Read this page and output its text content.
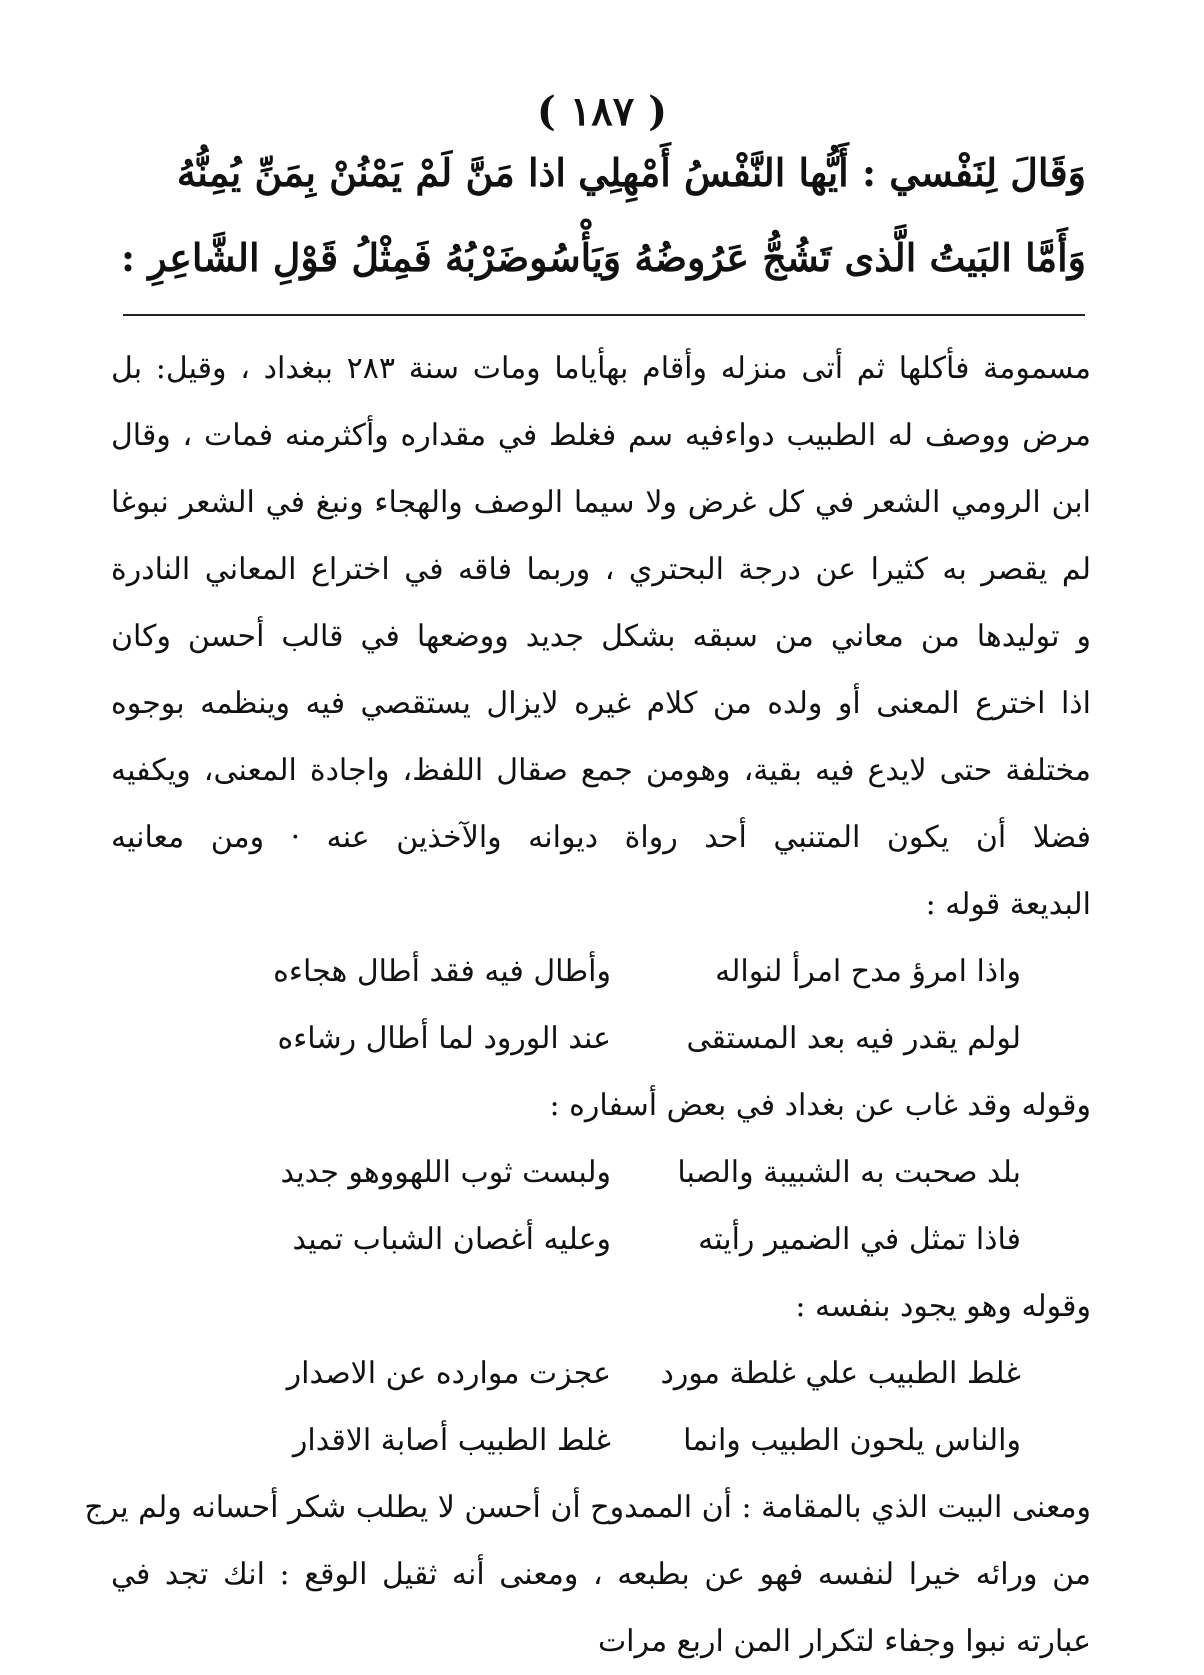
( ١٨٧ )
وَقَالَ لِنَفْسي : أَيُّها النَّفْسُ أَمْهِلِياذا مَنَّ لَمْ يَمْنُنْ بِمَنِّ يُمِنُّهُ
وَأَمَّا البَيتُ الَّذى تَشُجُّ عَرُوضُهُ وَيَأْسُوضَرْبُهُ فَمِثْلُ قَوْلِ الشَّاعِرِ :
مسمومة فأكلها ثم أتى منزله وأقام بهأياما ومات سنة ٢٨٣ ببغداد ، وقيل: بل
مرض ووصف له الطبيب دواءفيه سم فغلط في مقداره وأكثرمنه فمات ، وقال
ابن الرومي الشعر في كل غرض ولا سيما الوصف والهجاء ونبغ في الشعر نبوغا
لم يقصر به كثيرا عن درجة البحتري ، وربما فاقه في اختراع المعاني النادرة
و توليدها من معاني من سبقه بشكل جديد ووضعها في قالب أحسن وكان
اذا اخترع المعنى أو ولده من كلام غيره لايزال يستقصي فيه وينظمه بوجوه
مختلفة حتى لايدع فيه بقية، وهومن جمع صقال اللفظ، واجادة المعنى، ويكفيه
فضلا أن يكون المتنبي أحد رواة ديوانه والآخذين عنه · ومن معانيه
البديعة قوله :
واذا امرؤ مدح امرأ لنواله
وأطال فيه فقد أطال هجاءه
لولم يقدر فيه بعد المستقى
عند الورود لما أطال رشاءه
وقوله وقد غاب عن بغداد في بعض أسفاره :
بلد صحبت به الشبيبة والصبا
ولبست ثوب اللهووهو جديد
فاذا تمثل في الضمير رأيته
وعليه أغصان الشباب تميد
وقوله وهو يجود بنفسه :
غلط الطبيب علي غلطة مورد
عجزت موارده عن الاصدار
والناس يلحون الطبيب وانما
غلط الطبيب أصابة الاقدار
ومعنى البيت الذي بالمقامة : أن الممدوح أن أحسن لا يطلب شكر أحسانه ولم يرج
من ورائه خيرا لنفسه فهو عن بطبعه ، ومعنى أنه ثقيل الوقع : انك تجد في
عبارته نبوا وجفاء لتكرار المن اربع مرات
